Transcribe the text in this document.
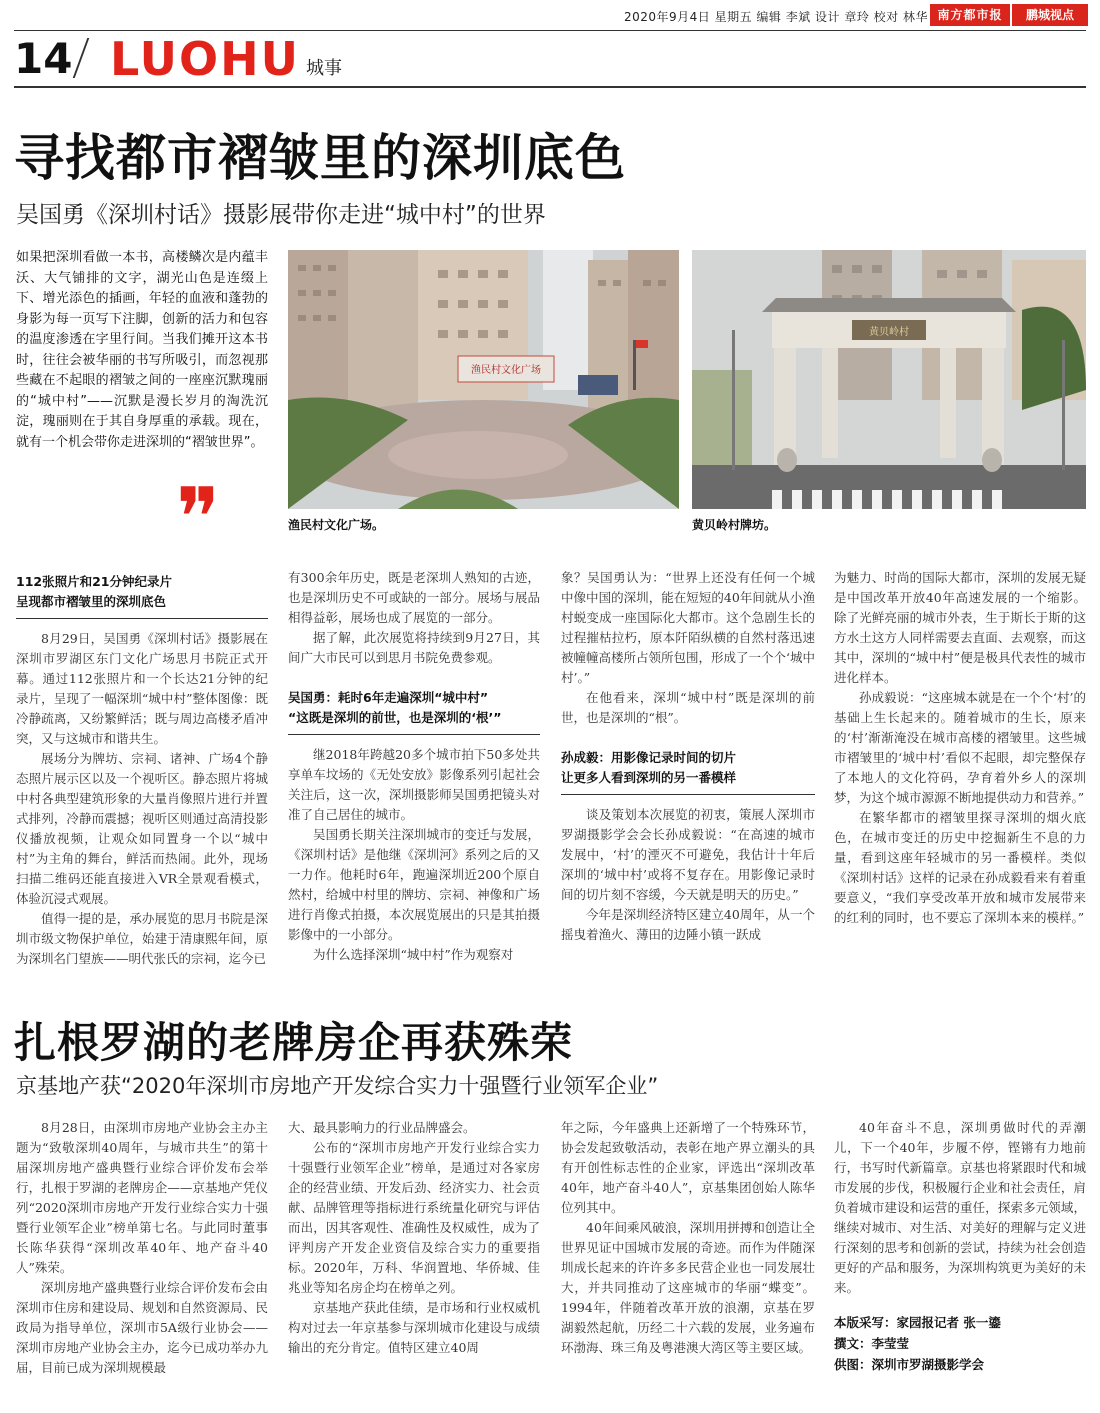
2020年9月4日 星期五 编辑 李斌 设计 章玲 校对 林华 南方都市报	鹏城视点
14 LUOHU 城事
寻找都市褶皱里的深圳底色
吴国勇《深圳村话》摄影展带你走进“城中村”的世界
如果把深圳看做一本书，高楼鳞次是内蕴丰沃、大气铺排的文字，湖光山色是连缀上下、增光添色的插画，年轻的血液和蓬勃的身影为每一页写下注脚，创新的活力和包容的温度渗透在字里行间。当我们摊开这本书时，往往会被华丽的书写所吸引，而忽视那些藏在不起眼的褶皱之间的一座座沉默瑰丽的“城中村”——沉默是漫长岁月的淘洗沉淀，瑰丽则在于其自身厚重的承载。现在，就有一个机会带你走进深圳的“褶皱世界”。
❞
渔民村文化广场
渔民村文化广场。
黄贝岭村
黄贝岭村牌坊。
112张照片和21分钟纪录片
呈现都市褶皱里的深圳底色

8月29日，吴国勇《深圳村话》摄影展在深圳市罗湖区东门文化广场思月书院正式开幕。通过112张照片和一个长达21分钟的纪录片，呈现了一幅深圳“城中村”整体图像：既冷静疏离，又纷繁鲜活；既与周边高楼矛盾冲突，又与这城市和谐共生。

展场分为牌坊、宗祠、诸神、广场4个静态照片展示区以及一个视听区。静态照片将城中村各典型建筑形象的大量肖像照片进行并置式排列，冷静而震撼；视听区则通过高清投影仪播放视频，让观众如同置身一个以“城中村”为主角的舞台，鲜活而热闹。此外，现场扫描二维码还能直接进入VR全景观看模式，体验沉浸式观展。

值得一提的是，承办展览的思月书院是深圳市级文物保护单位，始建于清康熙年间，原为深圳名门望族——明代张氏的宗祠，迄今已

有300余年历史，既是老深圳人熟知的古迹，也是深圳历史不可或缺的一部分。展场与展品相得益彰，展场也成了展览的一部分。

据了解，此次展览将持续到9月27日，其间广大市民可以到思月书院免费参观。

吴国勇：耗时6年走遍深圳“城中村”
“这既是深圳的前世，也是深圳的‘根’”

继2018年跨越20多个城市拍下50多处共享单车坟场的《无处安放》影像系列引起社会关注后，这一次，深圳摄影师吴国勇把镜头对准了自己居住的城市。

吴国勇长期关注深圳城市的变迁与发展，《深圳村话》是他继《深圳河》系列之后的又一力作。他耗时6年，跑遍深圳近200个原自然村，给城中村里的牌坊、宗祠、神像和广场进行肖像式拍摄，本次展览展出的只是其拍摄影像中的一小部分。

为什么选择深圳“城中村”作为观察对

象？吴国勇认为：“世界上还没有任何一个城中像中国的深圳，能在短短的40年间就从小渔村蜕变成一座国际化大都市。这个急剧生长的过程摧枯拉朽，原本阡陌纵横的自然村落迅速被幢幢高楼所占领所包围，形成了一个个‘城中村’。”

在他看来，深圳“城中村”既是深圳的前世，也是深圳的“根”。

孙成毅：用影像记录时间的切片
让更多人看到深圳的另一番模样

谈及策划本次展览的初衷，策展人深圳市罗湖摄影学会会长孙成毅说：“在高速的城市发展中，‘村’的湮灭不可避免，我估计十年后深圳的‘城中村’或将不复存在。用影像记录时间的切片刻不容缓，今天就是明天的历史。”

今年是深圳经济特区建立40周年，从一个摇曳着渔火、薄田的边陲小镇一跃成

为魅力、时尚的国际大都市，深圳的发展无疑是中国改革开放40年高速发展的一个缩影。除了光鲜亮丽的城市外表，生于斯长于斯的这方水土这方人同样需要去直面、去观察，而这其中，深圳的“城中村”便是极具代表性的城市进化样本。

孙成毅说：“这座城本就是在一个个‘村’的基础上生长起来的。随着城市的生长，原来的‘村’渐渐淹没在城市高楼的褶皱里。这些城市褶皱里的‘城中村’看似不起眼，却完整保存了本地人的文化符码，孕育着外乡人的深圳梦，为这个城市源源不断地提供动力和营养。”

在繁华都市的褶皱里探寻深圳的烟火底色，在城市变迁的历史中挖掘新生不息的力量，看到这座年轻城市的另一番模样。类似《深圳村话》这样的记录在孙成毅看来有着重要意义，“我们享受改革开放和城市发展带来的红利的同时，也不要忘了深圳本来的模样。”

扎根罗湖的老牌房企再获殊荣
京基地产获“2020年深圳市房地产开发综合实力十强暨行业领军企业”

8月28日，由深圳市房地产业协会主办主题为“致敬深圳40周年，与城市共生”的第十届深圳房地产盛典暨行业综合评价发布会举行，扎根于罗湖的老牌房企——京基地产凭仪列“2020深圳市房地产开发行业综合实力十强暨行业领军企业”榜单第七名。与此同时董事长陈华获得“深圳改革40年、地产奋斗40人”殊荣。

深圳房地产盛典暨行业综合评价发布会由深圳市住房和建设局、规划和自然资源局、民政局为指导单位，深圳市5A级行业协会——深圳市房地产业协会主办，迄今已成功举办九届，目前已成为深圳规模最

大、最具影响力的行业品牌盛会。

公布的“深圳市房地产开发行业综合实力十强暨行业领军企业”榜单，是通过对各家房企的经营业绩、开发后劲、经济实力、社会贡献、品牌管理等指标进行系统量化研究与评估而出，因其客观性、准确性及权威性，成为了评判房产开发企业资信及综合实力的重要指标。2020年，万科、华润置地、华侨城、佳兆业等知名房企均在榜单之列。

京基地产获此佳绩，是市场和行业权威机构对过去一年京基参与深圳城市化建设与成绩输出的充分肯定。值特区建立40周

年之际，今年盛典上还新增了一个特殊环节，协会发起致敬活动，表彰在地产界立潮头的具有开创性标志性的企业家，评选出“深圳改革40年，地产奋斗40人”，京基集团创始人陈华位列其中。

40年间乘风破浪，深圳用拼搏和创造让全世界见证中国城市发展的奇迹。而作为伴随深圳成长起来的许许多多民营企业也一同发展壮大，并共同推动了这座城市的华丽“蝶变”。1994年，伴随着改革开放的浪潮，京基在罗湖毅然起航，历经二十六载的发展，业务遍布环渤海、珠三角及粤港澳大湾区等主要区域。

40年奋斗不息，深圳勇做时代的弄潮儿，下一个40年，步履不停，铿锵有力地前行，书写时代新篇章。京基也将紧跟时代和城市发展的步伐，积极履行企业和社会责任，肩负着城市建设和运营的重任，探索多元领域，继续对城市、对生活、对美好的理解与定义进行深刻的思考和创新的尝试，持续为社会创造更好的产品和服务，为深圳构筑更为美好的未来。

本版采写：家园报记者 张一鎏
撰文：李莹莹
供图：深圳市罗湖摄影学会
